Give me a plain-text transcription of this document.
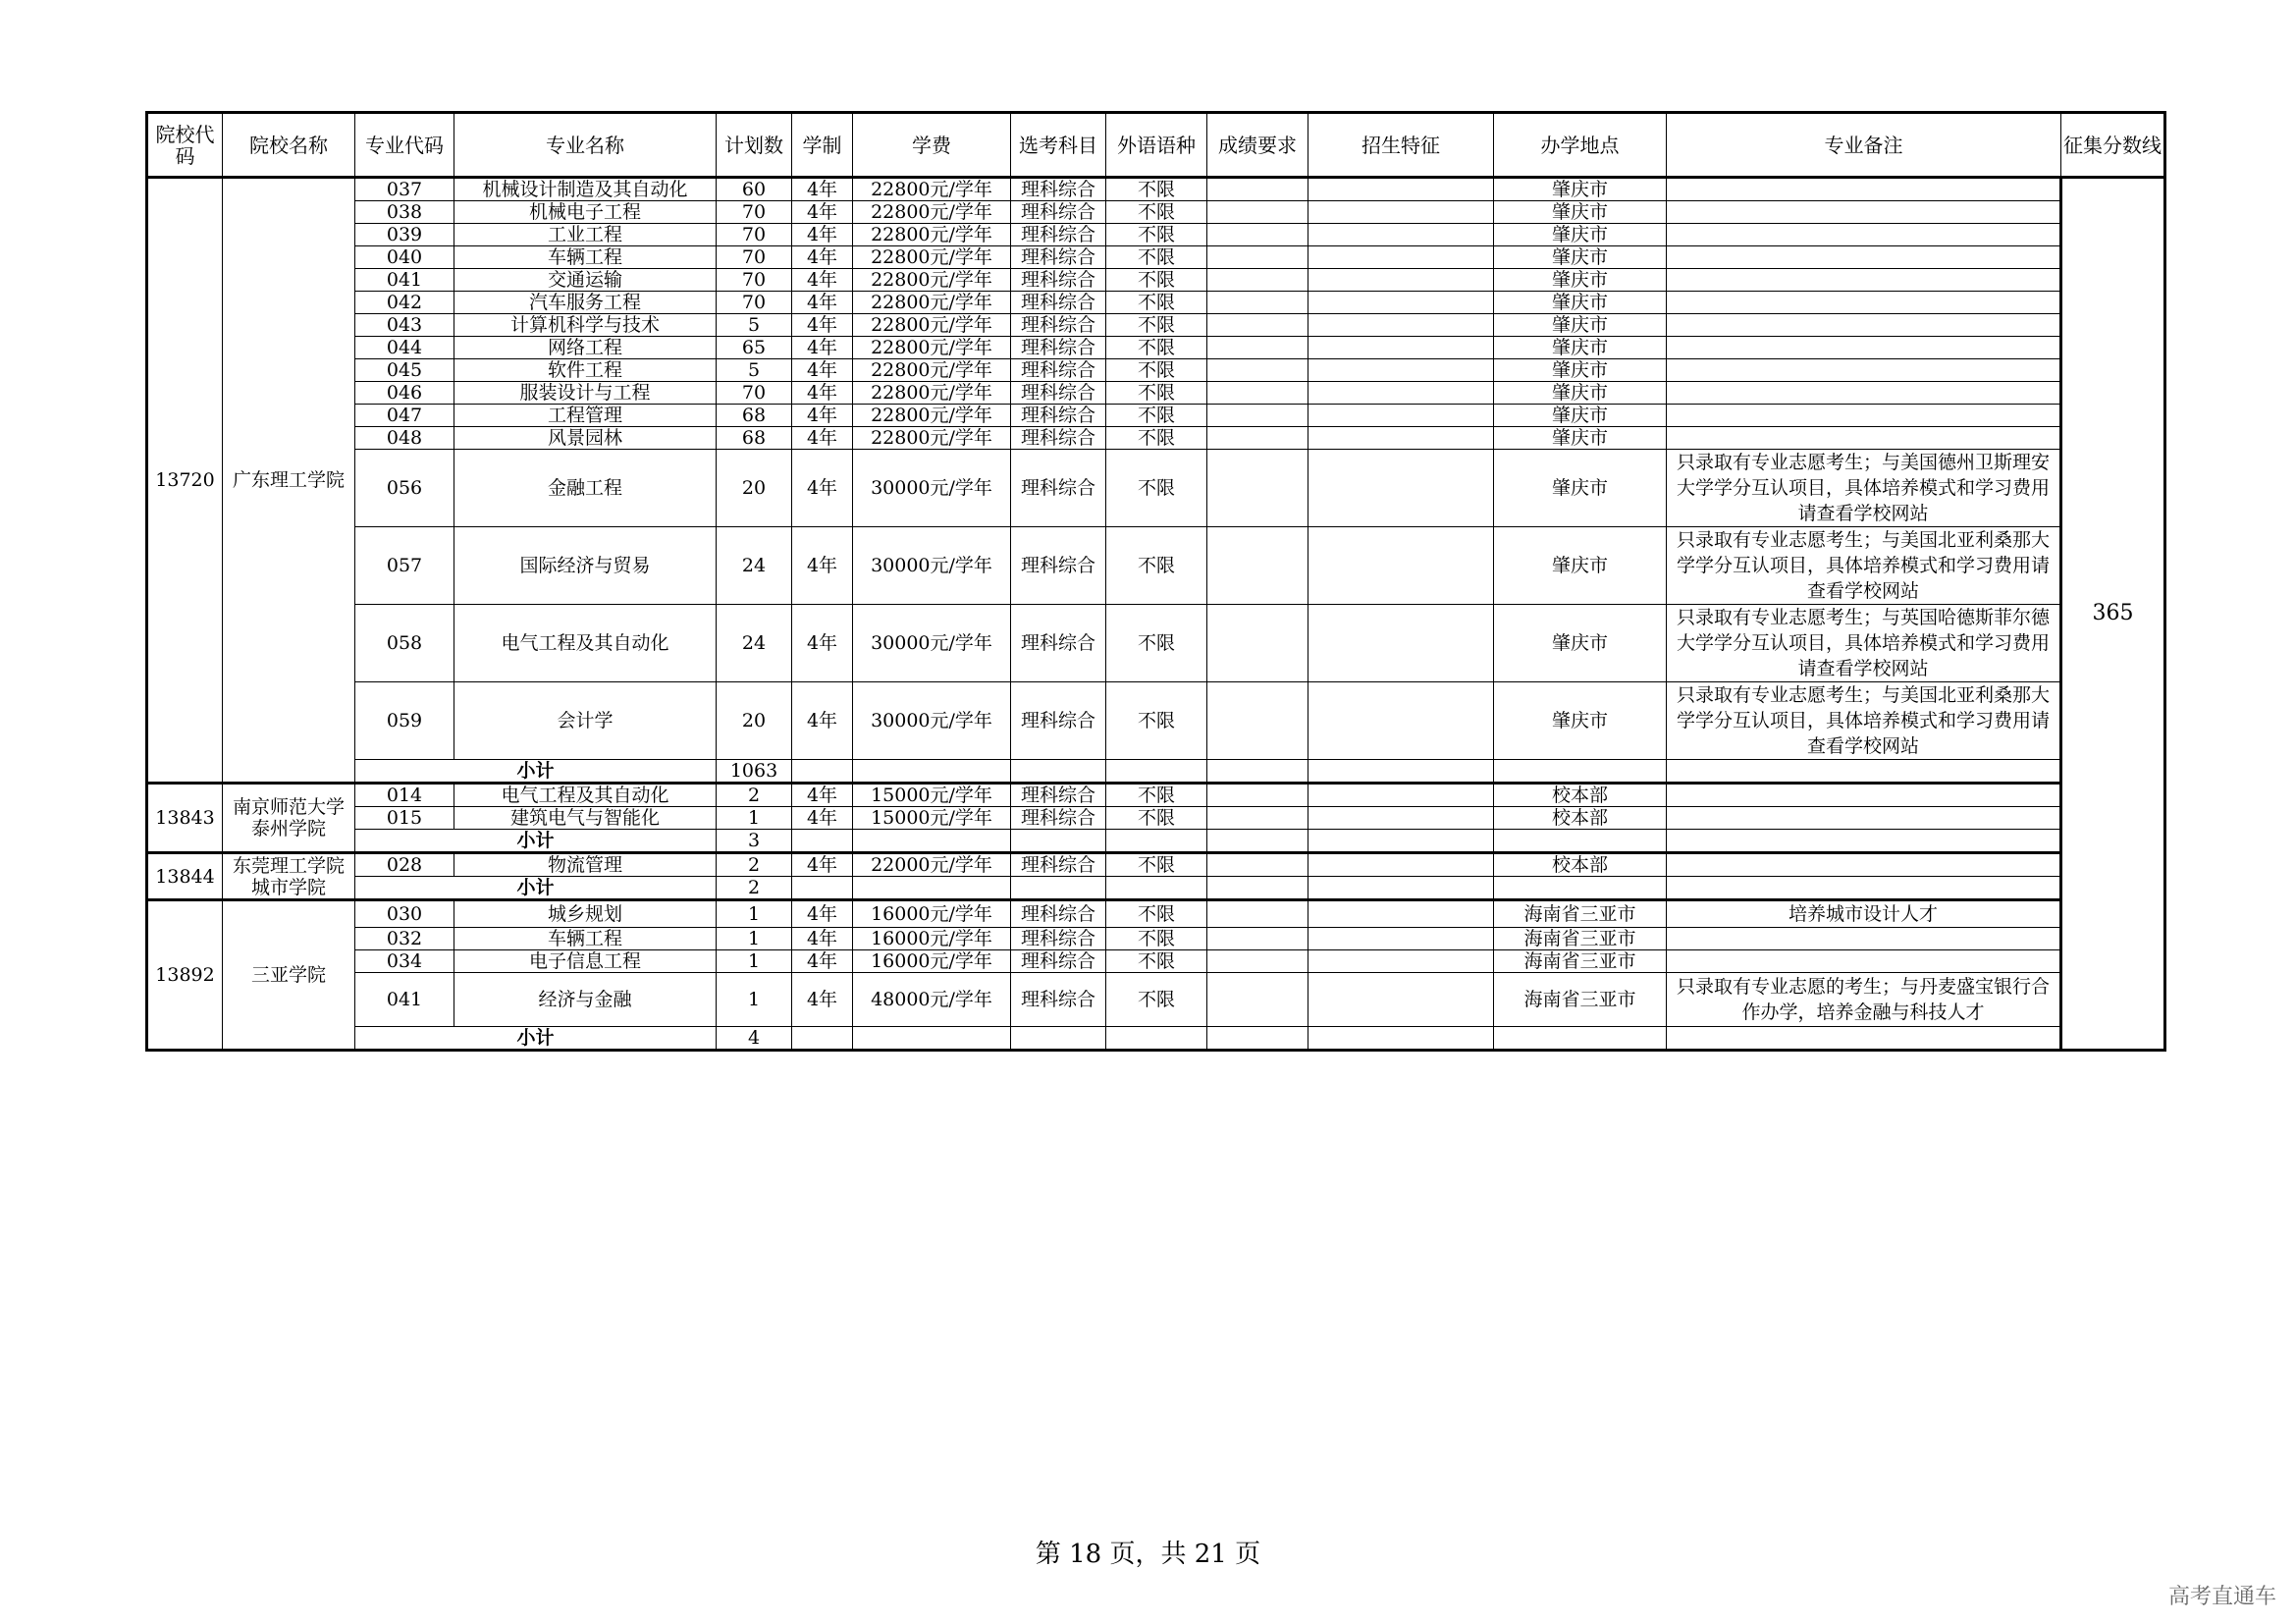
院校代码	院校名称	专业代码	专业名称	计划数	学制	学费	选考科目	外语语种	成绩要求	招生特征	办学地点	专业备注	征集分数线
13720	广东理工学院	037	机械设计制造及其自动化	60	4年	22800元/学年	理科综合	不限			肇庆市		365
		038	机械电子工程	70	4年	22800元/学年	理科综合	不限			肇庆市		
		039	工业工程	70	4年	22800元/学年	理科综合	不限			肇庆市		
		040	车辆工程	70	4年	22800元/学年	理科综合	不限			肇庆市		
		041	交通运输	70	4年	22800元/学年	理科综合	不限			肇庆市		
		042	汽车服务工程	70	4年	22800元/学年	理科综合	不限			肇庆市		
		043	计算机科学与技术	5	4年	22800元/学年	理科综合	不限			肇庆市		
		044	网络工程	65	4年	22800元/学年	理科综合	不限			肇庆市		
		045	软件工程	5	4年	22800元/学年	理科综合	不限			肇庆市		
		046	服装设计与工程	70	4年	22800元/学年	理科综合	不限			肇庆市		
		047	工程管理	68	4年	22800元/学年	理科综合	不限			肇庆市		
		048	风景园林	68	4年	22800元/学年	理科综合	不限			肇庆市		
		056	金融工程	20	4年	30000元/学年	理科综合	不限			肇庆市	只录取有专业志愿考生；与美国德州卫斯理安大学学分互认项目，具体培养模式和学习费用请查看学校网站	
		057	国际经济与贸易	24	4年	30000元/学年	理科综合	不限			肇庆市	只录取有专业志愿考生；与美国北亚利桑那大学学分互认项目，具体培养模式和学习费用请查看学校网站	
		058	电气工程及其自动化	24	4年	30000元/学年	理科综合	不限			肇庆市	只录取有专业志愿考生；与英国哈德斯菲尔德大学学分互认项目，具体培养模式和学习费用请查看学校网站	
		059	会计学	20	4年	30000元/学年	理科综合	不限			肇庆市	只录取有专业志愿考生；与美国北亚利桑那大学学分互认项目，具体培养模式和学习费用请查看学校网站	
		小计		1063									
13843	南京师范大学泰州学院	014	电气工程及其自动化	2	4年	15000元/学年	理科综合	不限			校本部		
		015	建筑电气与智能化	1	4年	15000元/学年	理科综合	不限			校本部		
		小计		3									
13844	东莞理工学院城市学院	028	物流管理	2	4年	22000元/学年	理科综合	不限			校本部		
		小计		2									
13892	三亚学院	030	城乡规划	1	4年	16000元/学年	理科综合	不限			海南省三亚市	培养城市设计人才	
		032	车辆工程	1	4年	16000元/学年	理科综合	不限			海南省三亚市		
		034	电子信息工程	1	4年	16000元/学年	理科综合	不限			海南省三亚市		
		041	经济与金融	1	4年	48000元/学年	理科综合	不限			海南省三亚市	只录取有专业志愿的考生；与丹麦盛宝银行合作办学，培养金融与科技人才	
		小计		4									
第 18 页，共 21 页
高考直通车
